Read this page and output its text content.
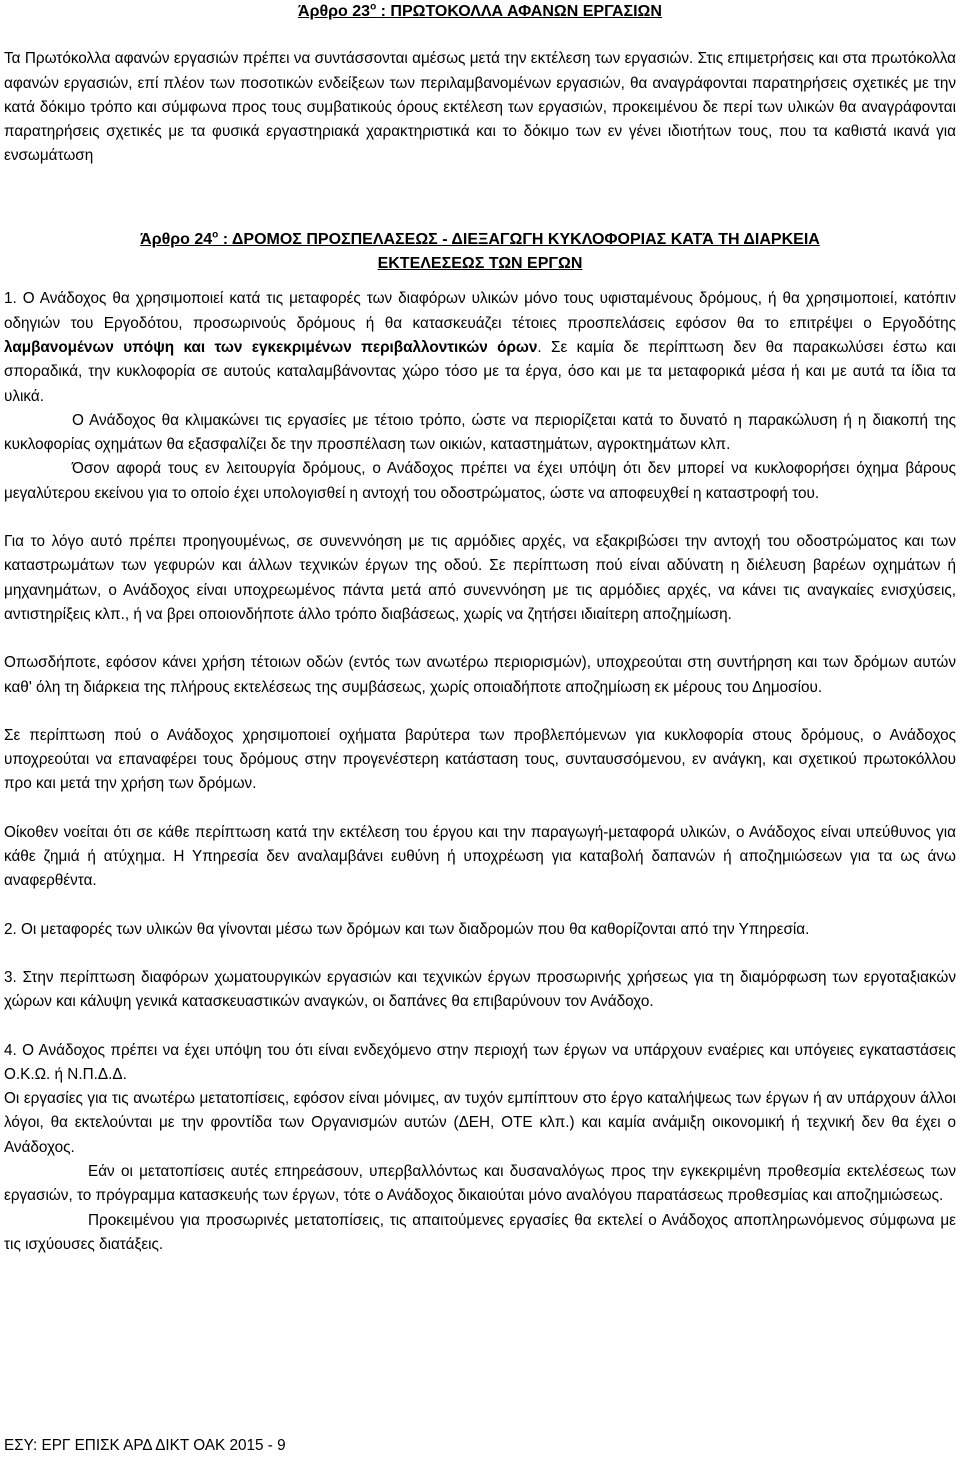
Άρθρο $23^o$ : ΠΡΩΤΟΚΟΛΛΑ ΑΦΑΝΩΝ ΕΡΓΑΣΙΩΝ

Τα Πρωτόκολλα αφανών εργασιών πρέπει να συντάσσονται αμέσως μετά την εκτέλεση των εργασιών. Στις επιμετρήσεις και στα πρωτόκολλα αφανών εργασιών, επί πλέον των ποσοτικών ενδείξεων των περιλαμβανομένων εργασιών, θα αναγράφονται παρατηρήσεις σχετικές με την κατά δόκιμο τρόπο και σύμφωνα προς τους συμβατικούς όρους εκτέλεση των εργασιών, προκειμένου δε περί των υλικών θα αναγράφονται παρατηρήσεις σχετικές με τα φυσικά εργαστηριακά χαρακτηριστικά και το δόκιμο των εν γένει ιδιοτήτων τους, που τα καθιστά ικανά για ενσωμάτωση

Άρθρο $24^o$ : ΔΡΟΜΟΣ ΠΡΟΣΠΕΛΑΣΕΩΣ - ΔΙΕΞΑΓΩΓΗ ΚΥΚΛΟΦΟΡΙΑΣ ΚΑΤΆ ΤΗ ΔΙΑΡΚΕΙΑ

ΕΚΤΕΛΕΣΕΩΣ ΤΩΝ ΕΡΓΩΝ

1. Ο Ανάδοχος θα χρησιμοποιεί κατά τις μεταφορές των διαφόρων υλικών μόνο τους υφισταμένους δρόμους, ή θα χρησιμοποιεί, κατόπιν οδηγιών του Εργοδότου, προσωρινούς δρόμους ή θα κατασκευάζει τέτοιες προσπελάσεις εφόσον θα το επιτρέψει ο Εργοδότης λαμβανομένων υπόψη και των εγκεκριμένων περιβαλλοντικών όρων. Σε καμία δε περίπτωση δεν θα παρακωλύσει έστω και σποραδικά, την κυκλοφορία σε αυτούς καταλαμβάνοντας χώρο τόσο με τα έργα, όσο και με τα μεταφορικά μέσα ή και με αυτά τα ίδια τα υλικά.

Ο Ανάδοχος θα κλιμακώνει τις εργασίες με τέτοιο τρόπο, ώστε να περιορίζεται κατά το δυνατό η παρακώλυση ή η διακοπή της κυκλοφορίας οχημάτων θα εξασφαλίζει δε την προσπέλαση των οικιών, καταστημάτων, αγροκτημάτων κλπ.

Όσον αφορά τους εν λειτουργία δρόμους, ο Ανάδοχος πρέπει να έχει υπόψη ότι δεν μπορεί να κυκλοφορήσει όχημα βάρους μεγαλύτερου εκείνου για το οποίο έχει υπολογισθεί η αντοχή του οδοστρώματος, ώστε να αποφευχθεί η καταστροφή του.

Για το λόγο αυτό πρέπει προηγουμένως, σε συνεννόηση με τις αρμόδιες αρχές, να εξακριβώσει την αντοχή του οδοστρώματος και των καταστρωμάτων των γεφυρών και άλλων τεχνικών έργων της οδού. Σε περίπτωση πού είναι αδύνατη η διέλευση βαρέων οχημάτων ή μηχανημάτων, ο Ανάδοχος είναι υποχρεωμένος πάντα μετά από συνεννόηση με τις αρμόδιες αρχές, να κάνει τις αναγκαίες ενισχύσεις, αντιστηρίξεις κλπ., ή να βρει οποιονδήποτε άλλο τρόπο διαβάσεως, χωρίς να ζητήσει ιδιαίτερη αποζημίωση.

Οπωσδήποτε, εφόσον κάνει χρήση τέτοιων οδών (εντός των ανωτέρω περιορισμών), υποχρεούται στη συντήρηση και των δρόμων αυτών καθ' όλη τη διάρκεια της πλήρους εκτελέσεως της συμβάσεως, χωρίς οποιαδήποτε αποζημίωση εκ μέρους του Δημοσίου.

Σε περίπτωση πού ο Ανάδοχος χρησιμοποιεί οχήματα βαρύτερα των προβλεπόμενων για κυκλοφορία στους δρόμους, ο Ανάδοχος υποχρεούται να επαναφέρει τους δρόμους στην προγενέστερη κατάσταση τους, συνταυσσόμενου, εν ανάγκη, και σχετικού πρωτοκόλλου προ και μετά την χρήση των δρόμων.

Οίκοθεν νοείται ότι σε κάθε περίπτωση κατά την εκτέλεση του έργου και την παραγωγή-μεταφορά υλικών, ο Ανάδοχος είναι υπεύθυνος για κάθε ζημιά ή ατύχημα. Η Υπηρεσία δεν αναλαμβάνει ευθύνη ή υποχρέωση για καταβολή δαπανών ή αποζημιώσεων για τα ως άνω αναφερθέντα.

2. Οι μεταφορές των υλικών θα γίνονται μέσω των δρόμων και των διαδρομών που θα καθορίζονται από την Υπηρεσία.

3. Στην περίπτωση διαφόρων χωματουργικών εργασιών και τεχνικών έργων προσωρινής χρήσεως για τη διαμόρφωση των εργοταξιακών χώρων και κάλυψη γενικά κατασκευαστικών αναγκών, οι δαπάνες θα επιβαρύνουν τον Ανάδοχο.

4. Ο Ανάδοχος πρέπει να έχει υπόψη του ότι είναι ενδεχόμενο στην περιοχή των έργων να υπάρχουν εναέριες και υπόγειες εγκαταστάσεις Ο.Κ.Ω. ή Ν.Π.Δ.Δ.

Οι εργασίες για τις ανωτέρω μετατοπίσεις, εφόσον είναι μόνιμες, αν τυχόν εμπίπτουν στο έργο καταλήψεως των έργων ή αν υπάρχουν άλλοι λόγοι, θα εκτελούνται με την φροντίδα των Οργανισμών αυτών (ΔΕΗ, ΟΤΕ κλπ.) και καμία ανάμιξη οικονομική ή τεχνική δεν θα έχει ο Ανάδοχος.

Εάν οι μετατοπίσεις αυτές επηρεάσουν, υπερβαλλόντως και δυσαναλόγως προς την εγκεκριμένη προθεσμία εκτελέσεως των εργασιών, το πρόγραμμα κατασκευής των έργων, τότε ο Ανάδοχος δικαιούται μόνο αναλόγου παρατάσεως προθεσμίας και αποζημιώσεως.

Προκειμένου για προσωρινές μετατοπίσεις, τις απαιτούμενες εργασίες θα εκτελεί ο Ανάδοχος αποπληρωνόμενος σύμφωνα με τις ισχύουσες διατάξεις.

ΕΣΥ: ΕΡΓ ΕΠΙΣΚ ΑΡΔ ΔΙΚΤ ΟΑΚ 2015 - 9
